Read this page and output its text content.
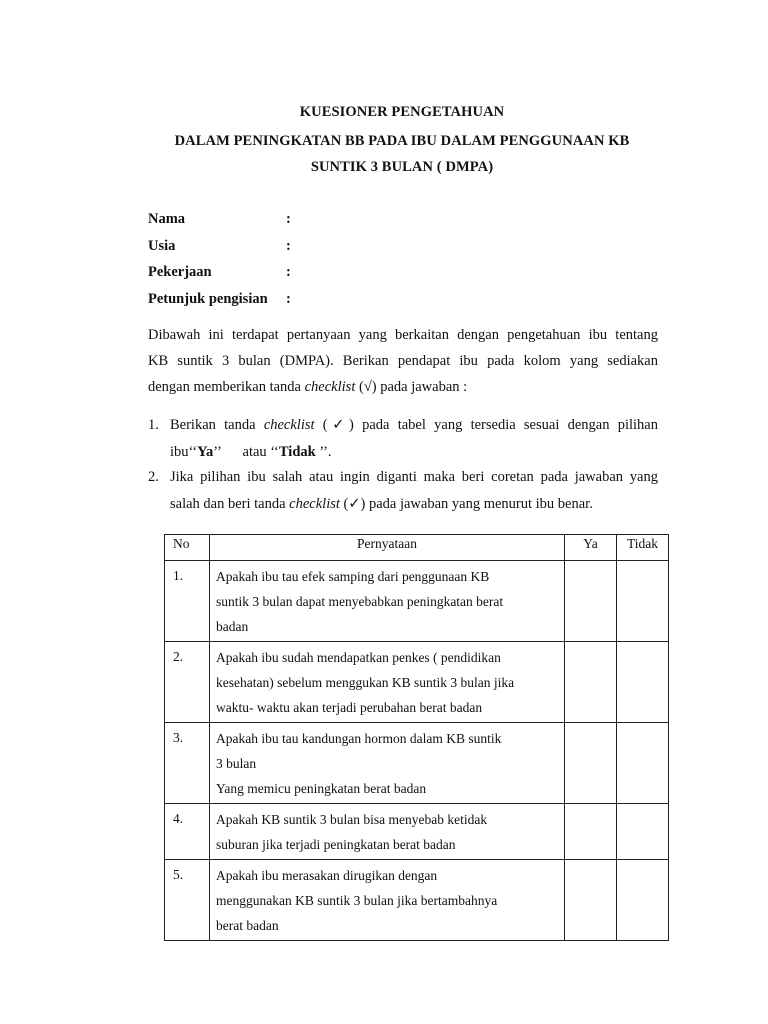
KUESIONER PENGETAHUAN
DALAM PENINGKATAN BB PADA IBU DALAM PENGGUNAAN KB
SUNTIK 3 BULAN ( DMPA)
Nama	:
Usia	:
Pekerjaan	:
Petunjuk pengisian :
Dibawah ini terdapat pertanyaan yang berkaitan dengan pengetahuan ibu tentang
KB suntik 3 bulan (DMPA). Berikan pendapat ibu pada kolom yang sediakan
dengan memberikan tanda checklist (√) pada jawaban :
1. Berikan tanda checklist (✓) pada tabel yang tersedia sesuai dengan pilihan
ibu‘‘Ya’’      atau ‘‘Tidak ’’.
2. Jika pilihan ibu salah atau ingin diganti maka beri coretan pada jawaban yang
salah dan beri tanda checklist (✓) pada jawaban yang menurut ibu benar.
No	Pernyataan	Ya	Tidak
1.	Apakah ibu tau efek samping dari penggunaan KB
suntik 3 bulan dapat menyebabkan peningkatan berat
badan		

2.	Apakah ibu sudah mendapatkan penkes ( pendidikan
kesehatan) sebelum menggukan KB suntik 3 bulan jika
waktu- waktu akan terjadi perubahan berat badan		

3.	Apakah ibu tau kandungan hormon dalam KB suntik
3 bulan
Yang memicu peningkatan berat badan		

4.	Apakah KB suntik 3 bulan bisa menyebab ketidak
suburan jika terjadi peningkatan berat badan		

5.	Apakah ibu merasakan dirugikan dengan
menggunakan KB suntik 3 bulan jika bertambahnya
berat badan		
